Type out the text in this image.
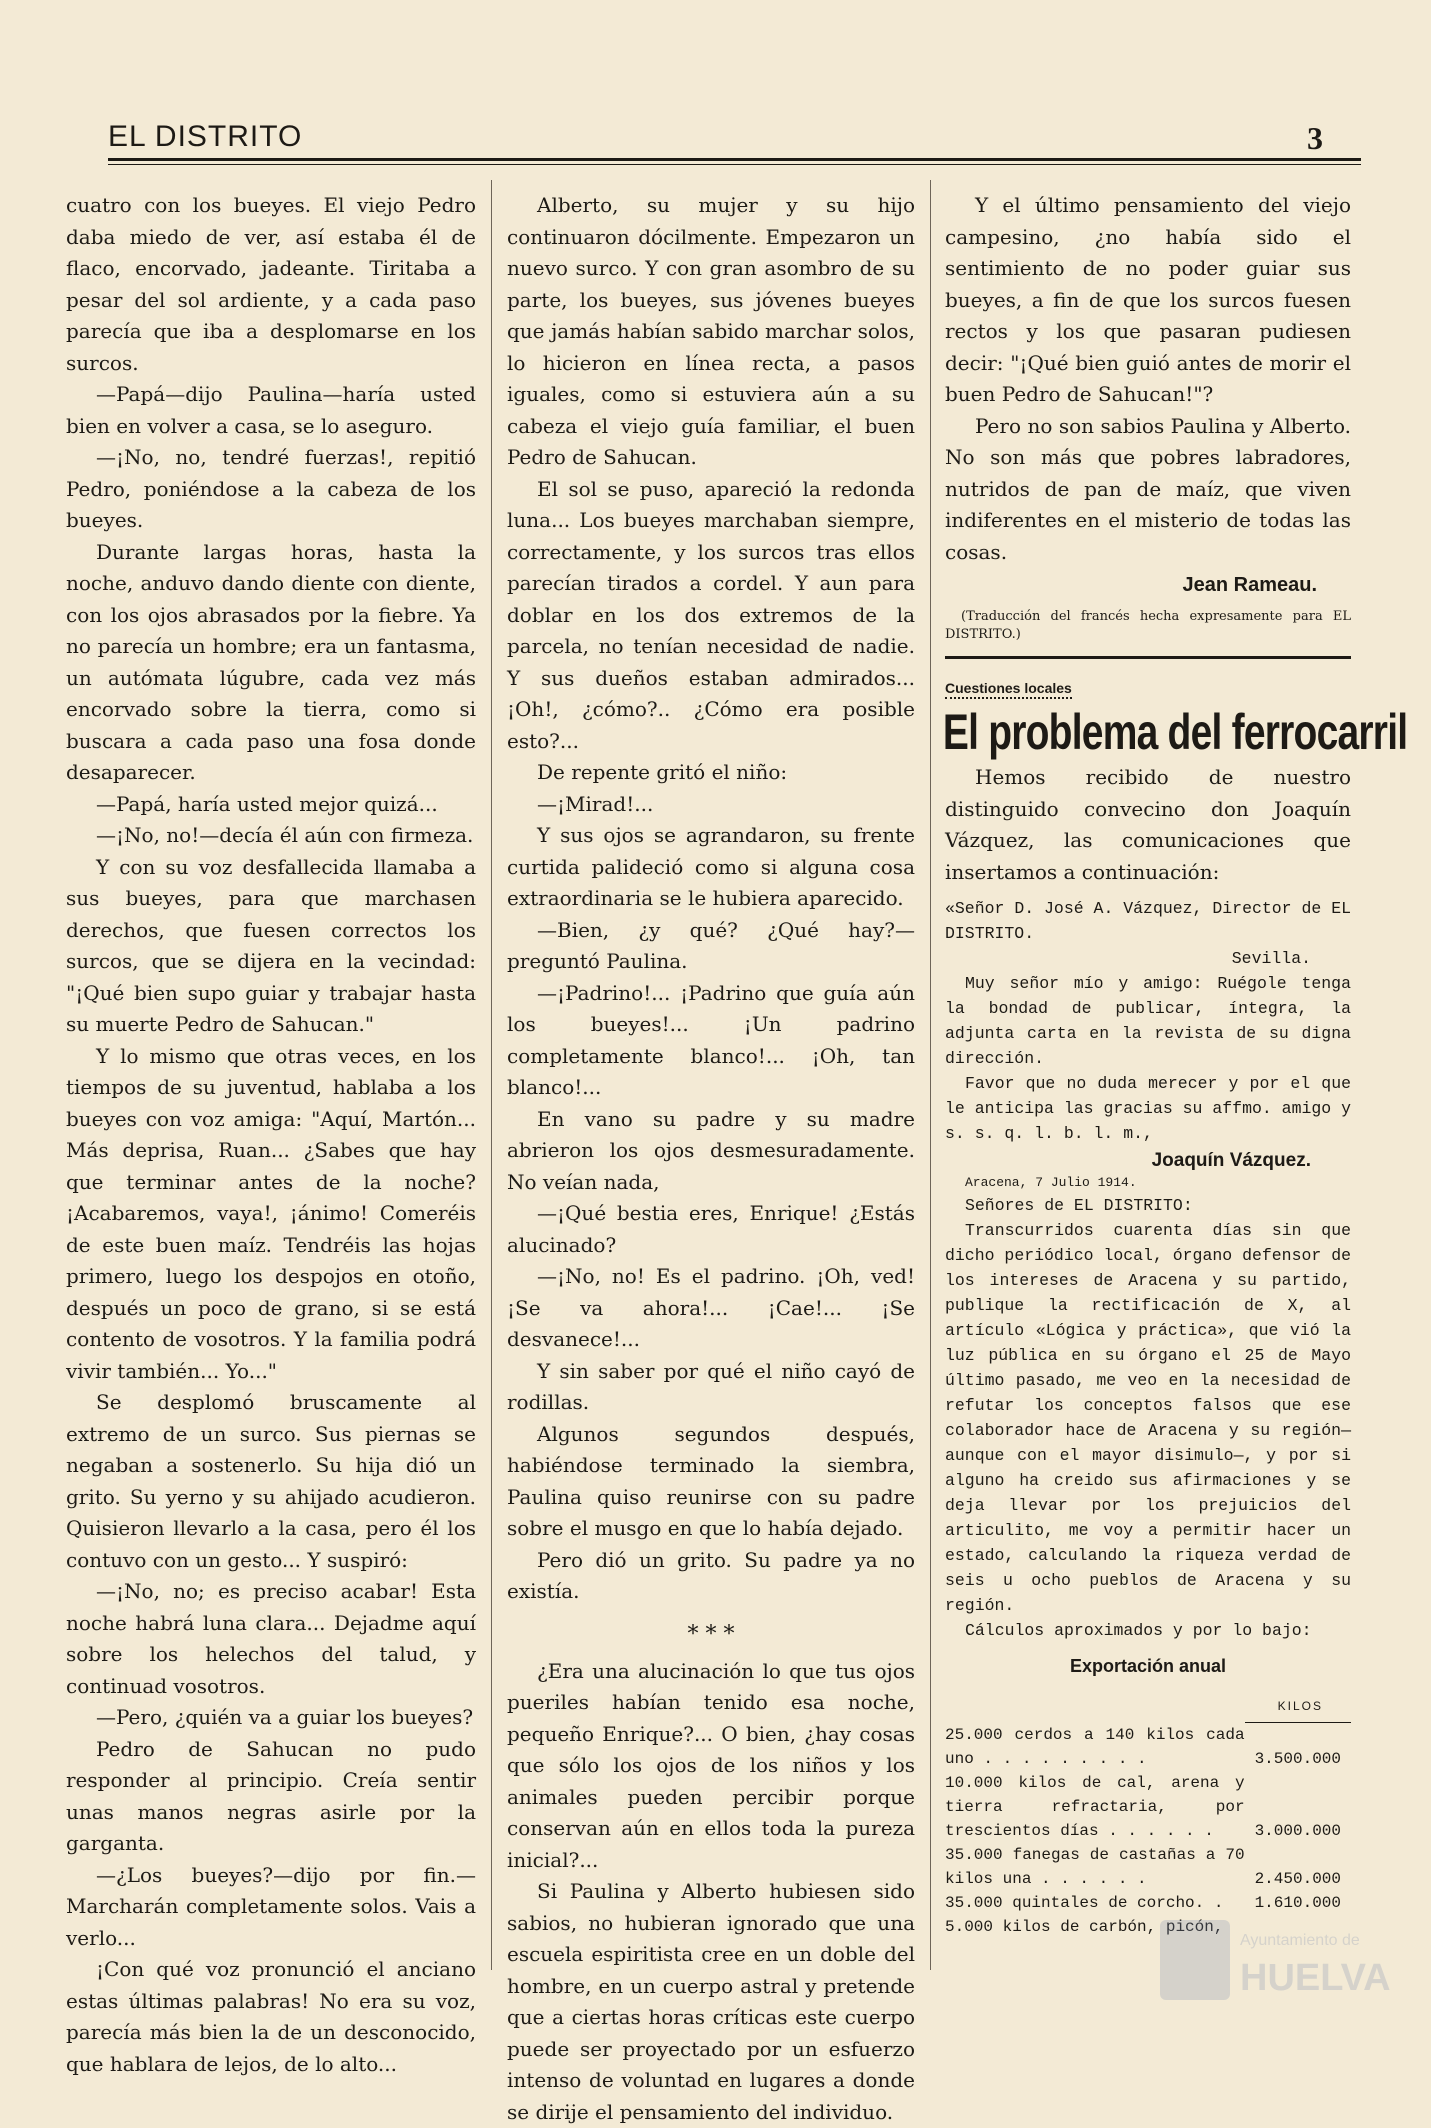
EL DISTRITO	3

cuatro con los bueyes. El viejo Pedro daba miedo de ver, así estaba él de flaco, encorvado, jadeante. Tiritaba a pesar del sol ardiente, y a cada paso parecía que iba a desplomarse en los surcos.

—Papá—dijo Paulina—haría usted bien en volver a casa, se lo aseguro.

—¡No, no, tendré fuerzas!, repitió Pedro, poniéndose a la cabeza de los bueyes.

Durante largas horas, hasta la noche, anduvo dando diente con diente, con los ojos abrasados por la fiebre. Ya no parecía un hombre; era un fantasma, un autómata lúgubre, cada vez más encorvado sobre la tierra, como si buscara a cada paso una fosa donde desaparecer.

—Papá, haría usted mejor quizá...

—¡No, no!—decía él aún con firmeza.

Y con su voz desfallecida llamaba a sus bueyes, para que marchasen derechos, que fuesen correctos los surcos, que se dijera en la vecindad: "¡Qué bien supo guiar y trabajar hasta su muerte Pedro de Sahucan."

Y lo mismo que otras veces, en los tiempos de su juventud, hablaba a los bueyes con voz amiga: "Aquí, Martón... Más deprisa, Ruan... ¿Sabes que hay que terminar antes de la noche? ¡Acabaremos, vaya!, ¡ánimo! Comeréis de este buen maíz. Tendréis las hojas primero, luego los despojos en otoño, después un poco de grano, si se está contento de vosotros. Y la familia podrá vivir también... Yo..."

Se desplomó bruscamente al extremo de un surco. Sus piernas se negaban a sostenerlo. Su hija dió un grito. Su yerno y su ahijado acudieron. Quisieron llevarlo a la casa, pero él los contuvo con un gesto... Y suspiró:

—¡No, no; es preciso acabar! Esta noche habrá luna clara... Dejadme aquí sobre los helechos del talud, y continuad vosotros.

—Pero, ¿quién va a guiar los bueyes?

Pedro de Sahucan no pudo responder al principio. Creía sentir unas manos negras asirle por la garganta.

—¿Los bueyes?—dijo por fin.—Marcharán completamente solos. Vais a verlo...

¡Con qué voz pronunció el anciano estas últimas palabras! No era su voz, parecía más bien la de un desconocido, que hablara de lejos, de lo alto...

Alberto, su mujer y su hijo continuaron dócilmente. Empezaron un nuevo surco. Y con gran asombro de su parte, los bueyes, sus jóvenes bueyes que jamás habían sabido marchar solos, lo hicieron en línea recta, a pasos iguales, como si estuviera aún a su cabeza el viejo guía familiar, el buen Pedro de Sahucan.

El sol se puso, apareció la redonda luna... Los bueyes marchaban siempre, correctamente, y los surcos tras ellos parecían tirados a cordel. Y aun para doblar en los dos extremos de la parcela, no tenían necesidad de nadie. Y sus dueños estaban admirados... ¡Oh!, ¿cómo?.. ¿Cómo era posible esto?...

De repente gritó el niño:

—¡Mirad!...

Y sus ojos se agrandaron, su frente curtida palideció como si alguna cosa extraordinaria se le hubiera aparecido.

—Bien, ¿y qué? ¿Qué hay?—preguntó Paulina.

—¡Padrino!... ¡Padrino que guía aún los bueyes!... ¡Un padrino completamente blanco!... ¡Oh, tan blanco!...

En vano su padre y su madre abrieron los ojos desmesuradamente. No veían nada,

—¡Qué bestia eres, Enrique! ¿Estás alucinado?

—¡No, no! Es el padrino. ¡Oh, ved! ¡Se va ahora!... ¡Cae!... ¡Se desvanece!...

Y sin saber por qué el niño cayó de rodillas.

Algunos segundos después, habiéndose terminado la siembra, Paulina quiso reunirse con su padre sobre el musgo en que lo había dejado.

Pero dió un grito. Su padre ya no existía.

* * *

¿Era una alucinación lo que tus ojos pueriles habían tenido esa noche, pequeño Enrique?... O bien, ¿hay cosas que sólo los ojos de los niños y los animales pueden percibir porque conservan aún en ellos toda la pureza inicial?...

Si Paulina y Alberto hubiesen sido sabios, no hubieran ignorado que una escuela espiritista cree en un doble del hombre, en un cuerpo astral y pretende que a ciertas horas críticas este cuerpo puede ser proyectado por un esfuerzo intenso de voluntad en lugares a donde se dirije el pensamiento del individuo.

Y el último pensamiento del viejo campesino, ¿no había sido el sentimiento de no poder guiar sus bueyes, a fin de que los surcos fuesen rectos y los que pasaran pudiesen decir: "¡Qué bien guió antes de morir el buen Pedro de Sahucan!"?

Pero no son sabios Paulina y Alberto. No son más que pobres labradores, nutridos de pan de maíz, que viven indiferentes en el misterio de todas las cosas.

Jean Rameau.
(Traducción del francés hecha expresamente para EL DISTRITO.)
Cuestiones locales
El problema del ferrocarril

Hemos recibido de nuestro distinguido convecino don Joaquín Vázquez, las comunicaciones que insertamos a continuación:

«Señor D. José A. Vázquez, Director de EL DISTRITO.

Sevilla.

Muy señor mío y amigo: Ruégole tenga la bondad de publicar, íntegra, la adjunta carta en la revista de su digna dirección.

Favor que no duda merecer y por el que le anticipa las gracias su affmo. amigo y s. s. q. l. b. l. m.,

Joaquín Vázquez.
Aracena, 7 Julio 1914.

Señores de EL DISTRITO:

Transcurridos cuarenta días sin que dicho periódico local, órgano defensor de los intereses de Aracena y su partido, publique la rectificación de X, al artículo «Lógica y práctica», que vió la luz pública en su órgano el 25 de Mayo último pasado, me veo en la necesidad de refutar los conceptos falsos que ese colaborador hace de Aracena y su región—aunque con el mayor disimulo—, y por si alguno ha creido sus afirmaciones y se deja llevar por los prejuicios del articulito, me voy a permitir hacer un estado, calculando la riqueza verdad de seis u ocho pueblos de Aracena y su región.

Cálculos aproximados y por lo bajo:

Exportación anual
KILOS
25.000 cerdos a 140 kilos cada uno . . . . . . . . .	3.500.000
10.000 kilos de cal, arena y tierra refractaria, por trescientos días . . . . . .	3.000.000
35.000 fanegas de castañas a 70 kilos una . . . . . .	2.450.000
35.000 quintales de corcho. .	1.610.000
5.000 kilos de carbón, picón,
Ayuntamiento de
HUELVA
